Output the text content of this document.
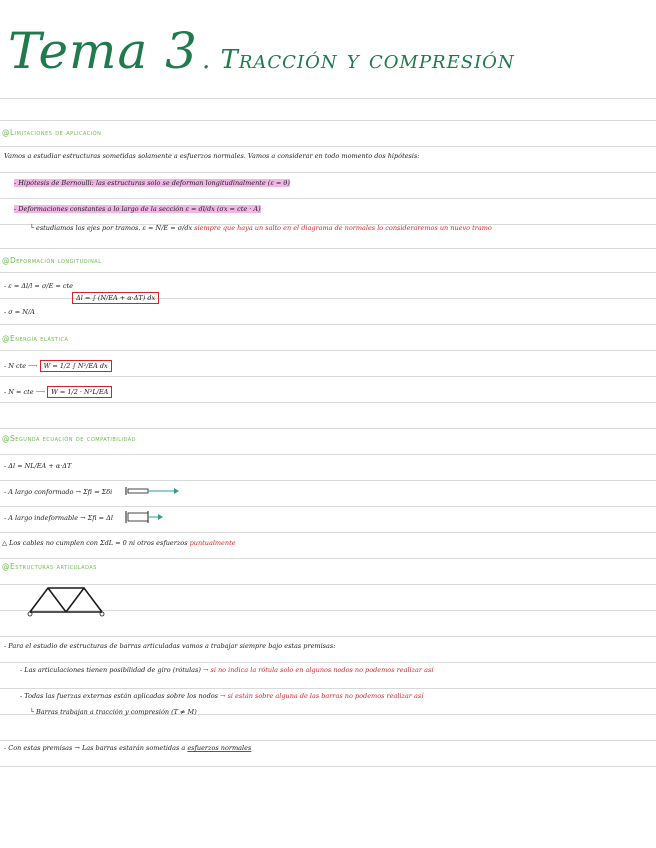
Tema 3 . Tracción y compresión
@Limitaciones de aplicación
Vamos a estudiar estructuras sometidas solamente a esfuerzos normales. Vamos a considerar en todo momento dos hipótesis:
- Hipótesis de Bernoulli: las estructuras solo se deforman longitudinalmente (ε = θ)
- Deformaciones constantes a lo largo de la sección ε = dl/dx (σx = cte · A)
└ estudiamos los ejes por tramos. ε = N/E = σ/dx siempre que haya un salto en el diagrama de normales lo consideraremos un nuevo tramo
@Deformación longitudinal
- ε = Δl/l = σ/E = cte
Δl = ∫ (N/EA + α·ΔT) dx
- σ = N/A
@Energía elástica
- N cte ⟶ W = 1/2 ∫ N²/EA dx
- N = cte ⟶ W = 1/2 · N²L/EA
@Segunda ecuación de compatibilidad
- Δl = NL/EA + α·ΔT
- A largo conformado → Σfi = Σδi
- A largo indeformable → Σfi = Δl
△ Los cables no cumplen con ΣdL = 0 ni otros esfuerzos puntualmente
@Estructuras articuladas
- Para el estudio de estructuras de barras articuladas vamos a trabajar siempre bajo estas premisas:
- Las articulaciones tienen posibilidad de giro (rótulas) → si no indica la rótula solo en algunos nodos no podemos realizar así
- Todas las fuerzas externas están aplicadas sobre los nodos → si están sobre alguna de las barras no podemos realizar así
└ Barras trabajan a tracción y compresión (T ≠ M)
- Con estas premisas → Las barras estarán sometidas a esfuerzos normales
